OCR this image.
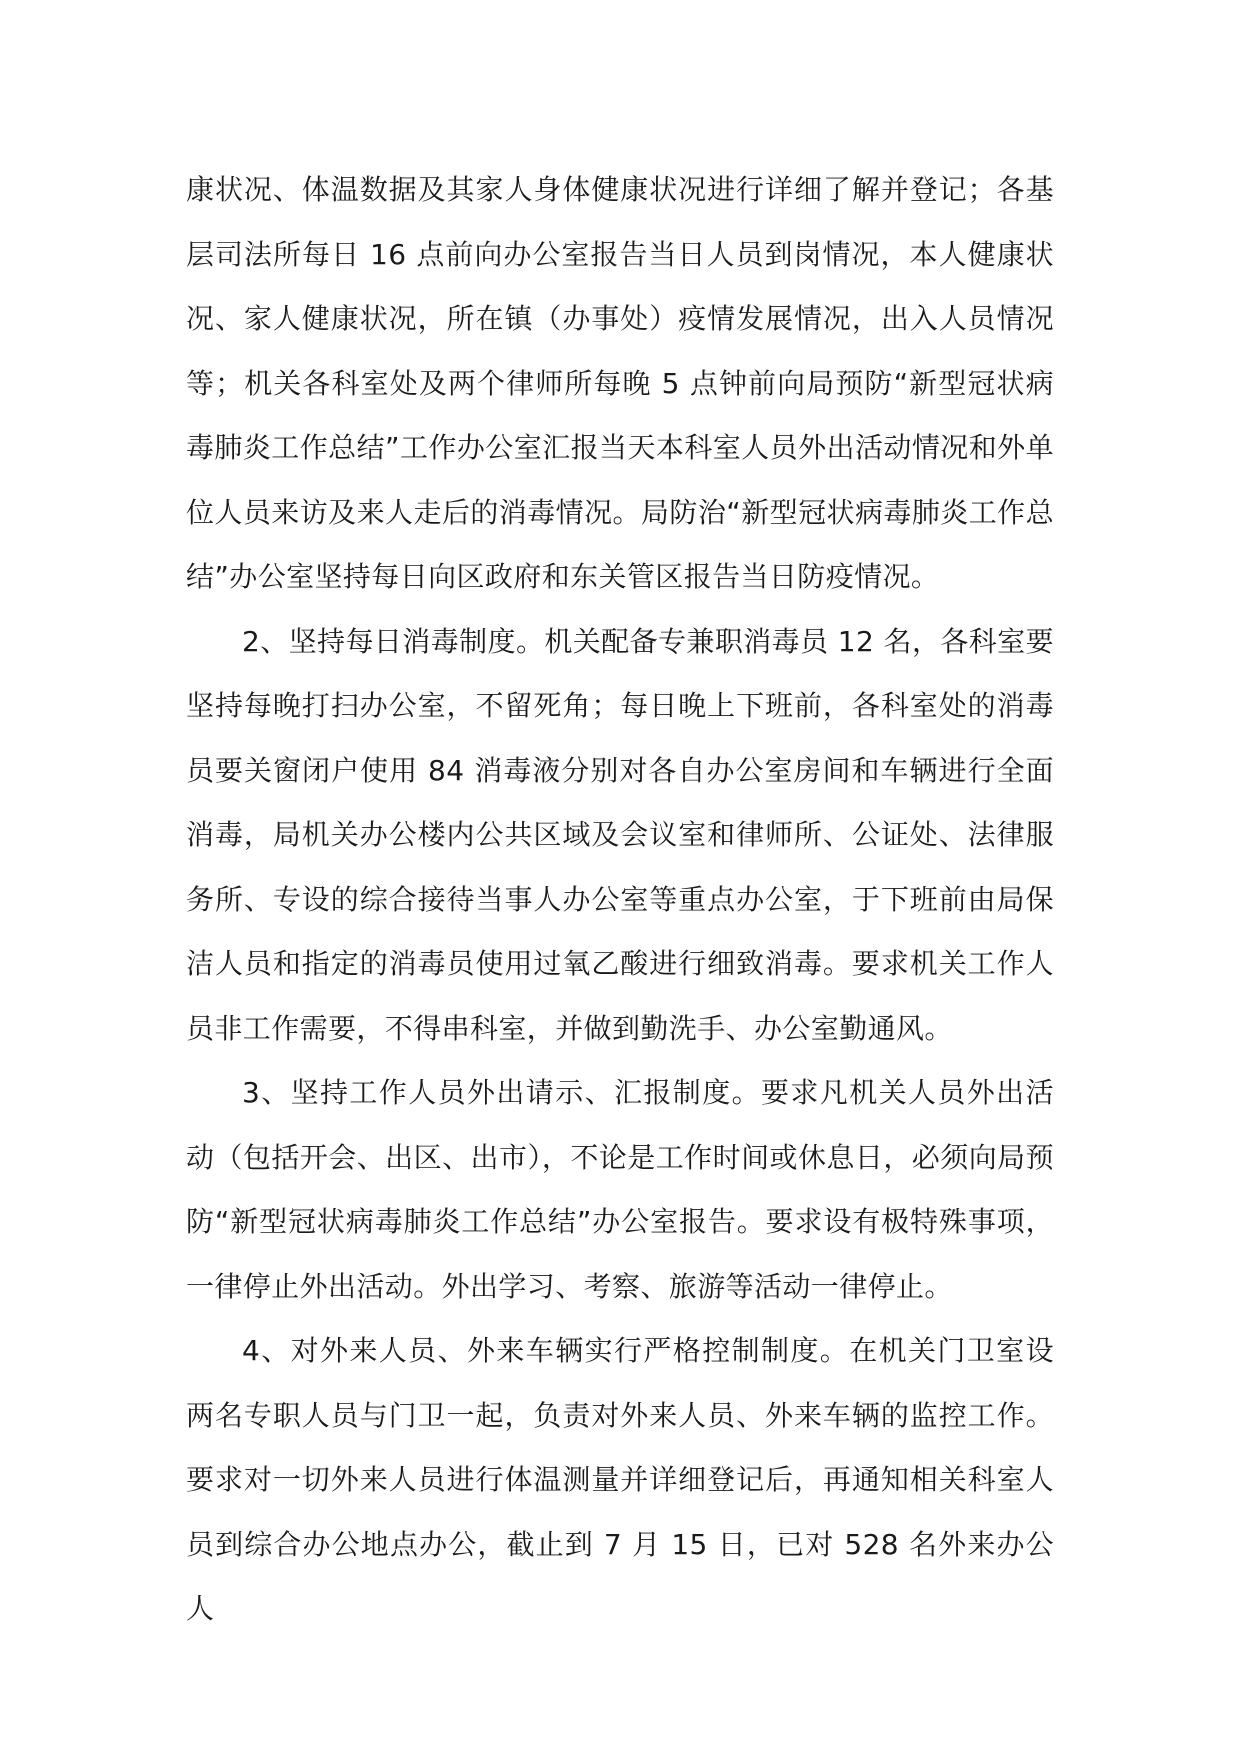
康状况、体温数据及其家人身体健康状况进行详细了解并登记；各基层司法所每日 16 点前向办公室报告当日人员到岗情况，本人健康状况、家人健康状况，所在镇（办事处）疫情发展情况，出入人员情况等；机关各科室处及两个律师所每晚 5 点钟前向局预防“新型冠状病毒肺炎工作总结”工作办公室汇报当天本科室人员外出活动情况和外单位人员来访及来人走后的消毒情况。局防治“新型冠状病毒肺炎工作总结”办公室坚持每日向区政府和东关管区报告当日防疫情况。

2、坚持每日消毒制度。机关配备专兼职消毒员 12 名，各科室要坚持每晚打扫办公室，不留死角；每日晚上下班前，各科室处的消毒员要关窗闭户使用 84 消毒液分别对各自办公室房间和车辆进行全面消毒，局机关办公楼内公共区域及会议室和律师所、公证处、法律服务所、专设的综合接待当事人办公室等重点办公室，于下班前由局保洁人员和指定的消毒员使用过氧乙酸进行细致消毒。要求机关工作人员非工作需要，不得串科室，并做到勤洗手、办公室勤通风。

3、坚持工作人员外出请示、汇报制度。要求凡机关人员外出活动（包括开会、出区、出市），不论是工作时间或休息日，必须向局预防“新型冠状病毒肺炎工作总结”办公室报告。要求设有极特殊事项，一律停止外出活动。外出学习、考察、旅游等活动一律停止。

4、对外来人员、外来车辆实行严格控制制度。在机关门卫室设两名专职人员与门卫一起，负责对外来人员、外来车辆的监控工作。要求对一切外来人员进行体温测量并详细登记后，再通知相关科室人员到综合办公地点办公，截止到 7 月 15 日，已对 528 名外来办公人
